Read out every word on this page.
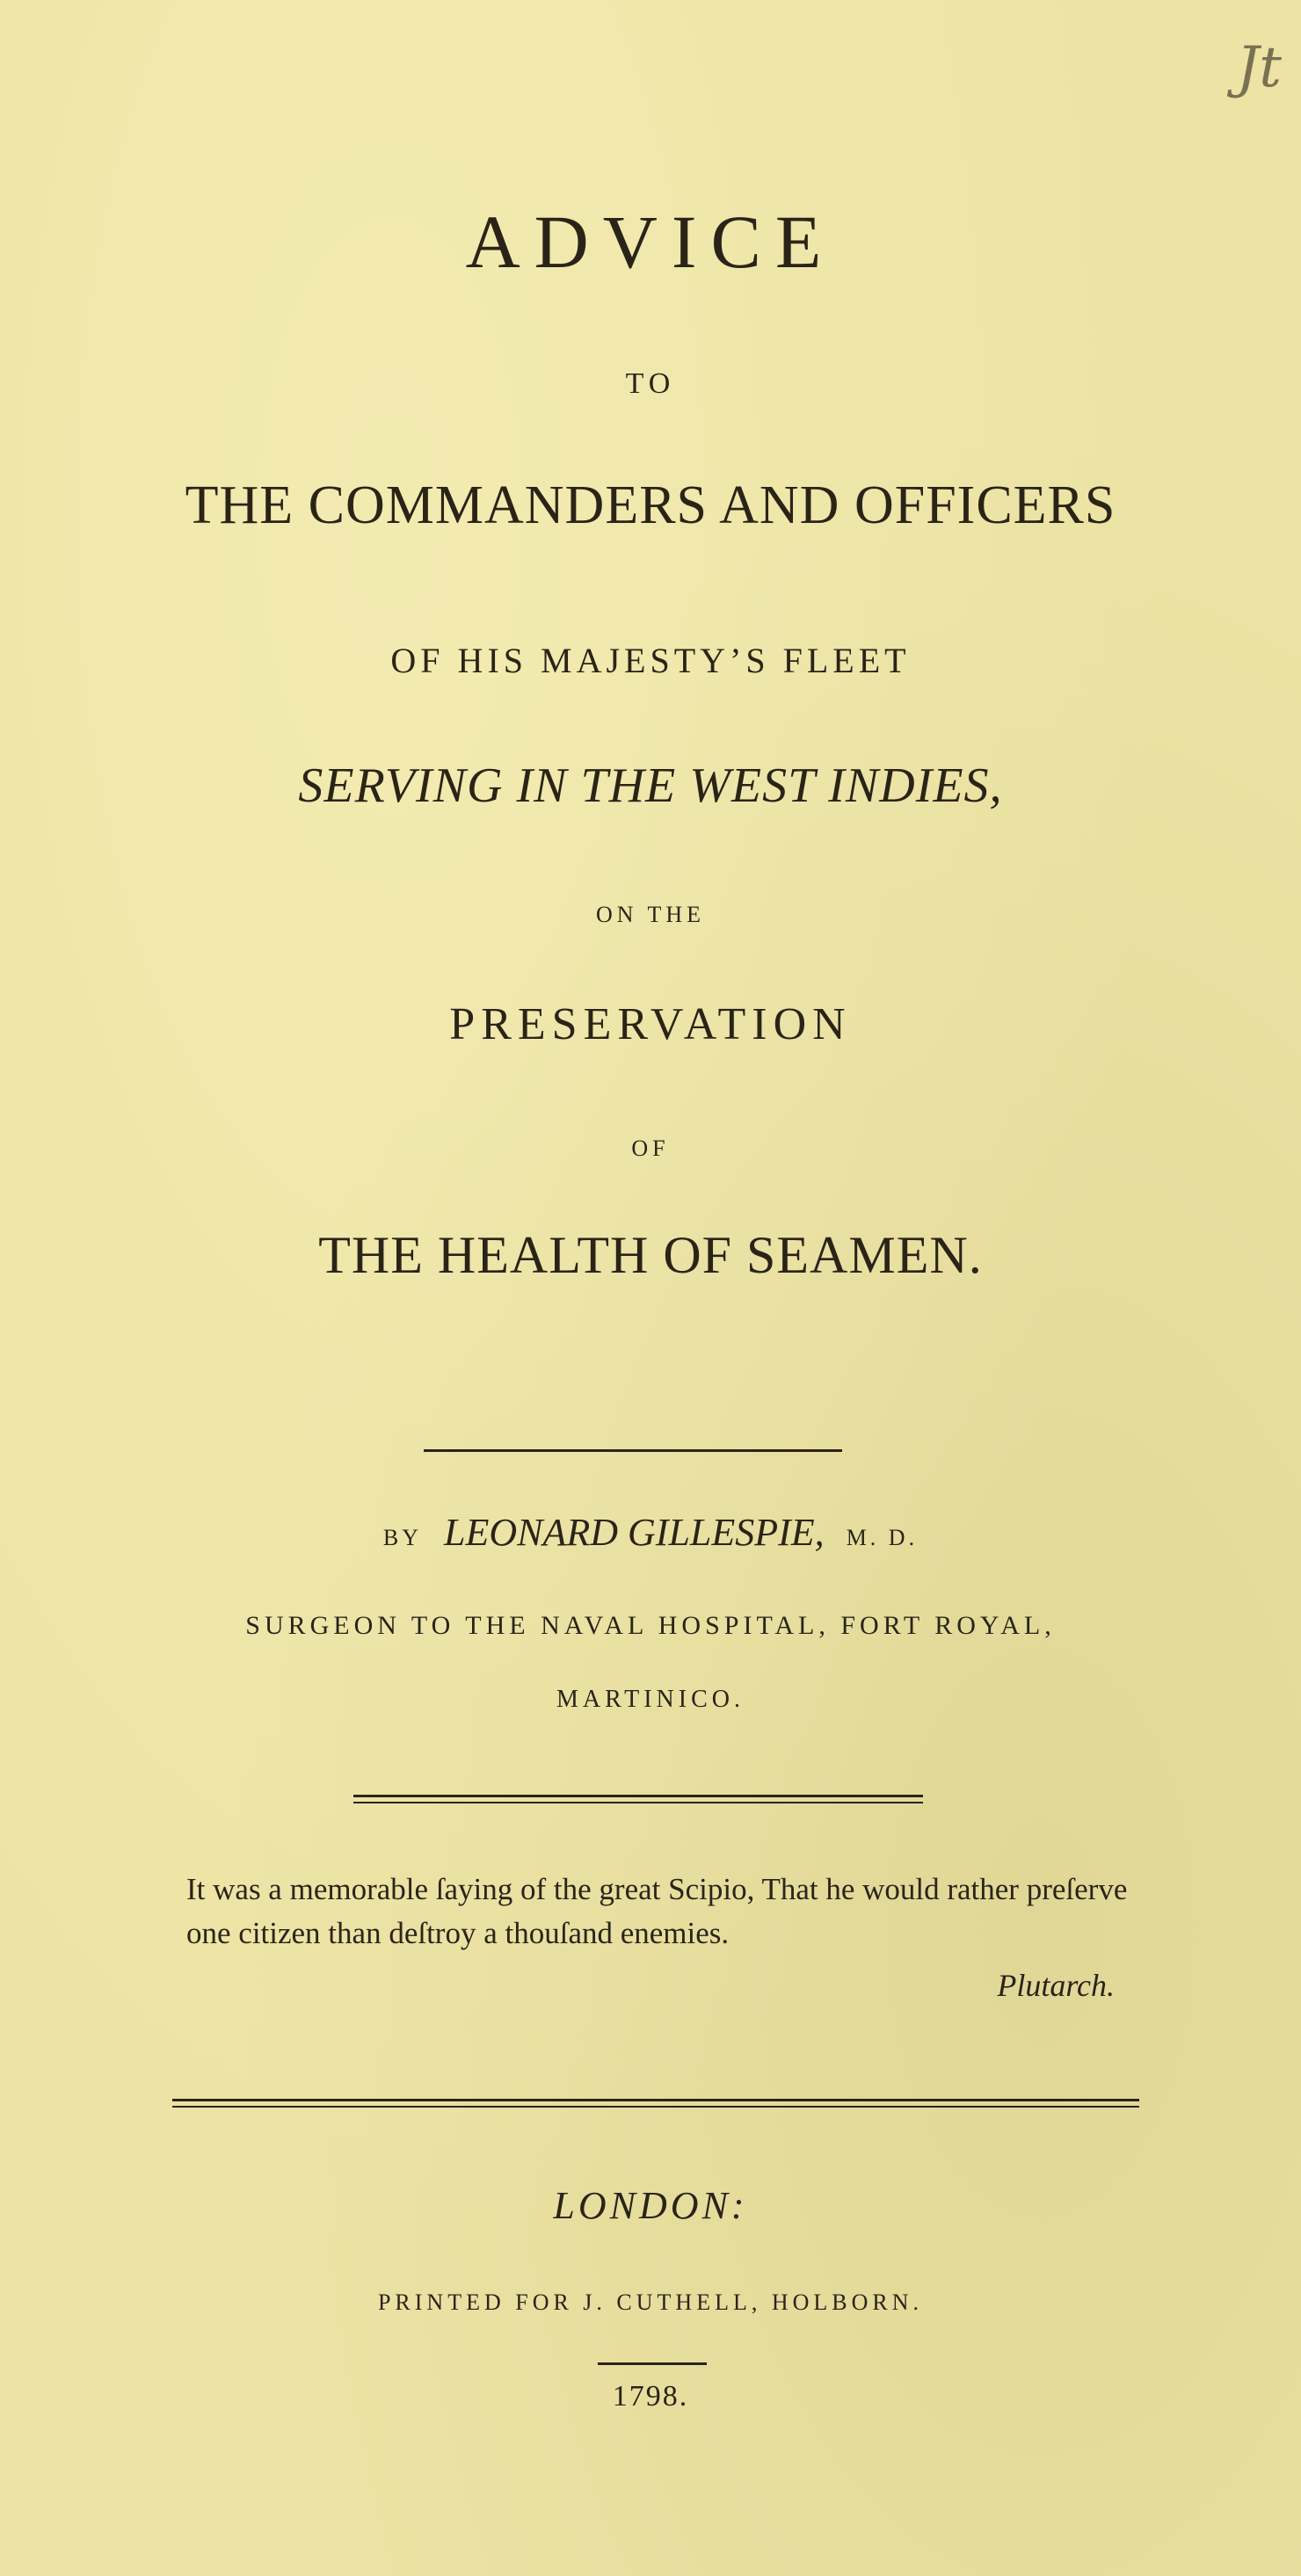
Jt
ADVICE
TO
THE COMMANDERS AND OFFICERS
OF HIS MAJESTY’S FLEET
SERVING IN THE WEST INDIES,
ON THE
PRESERVATION
OF
THE HEALTH OF SEAMEN.
BY LEONARD GILLESPIE, M. D.
SURGEON TO THE NAVAL HOSPITAL, FORT ROYAL,
MARTINICO.
It was a memorable ſaying of the great Scipio, That he would rather preſerve one citizen than deſtroy a thouſand enemies.
Plutarch.
LONDON:
PRINTED FOR J. CUTHELL, HOLBORN.
1798.
